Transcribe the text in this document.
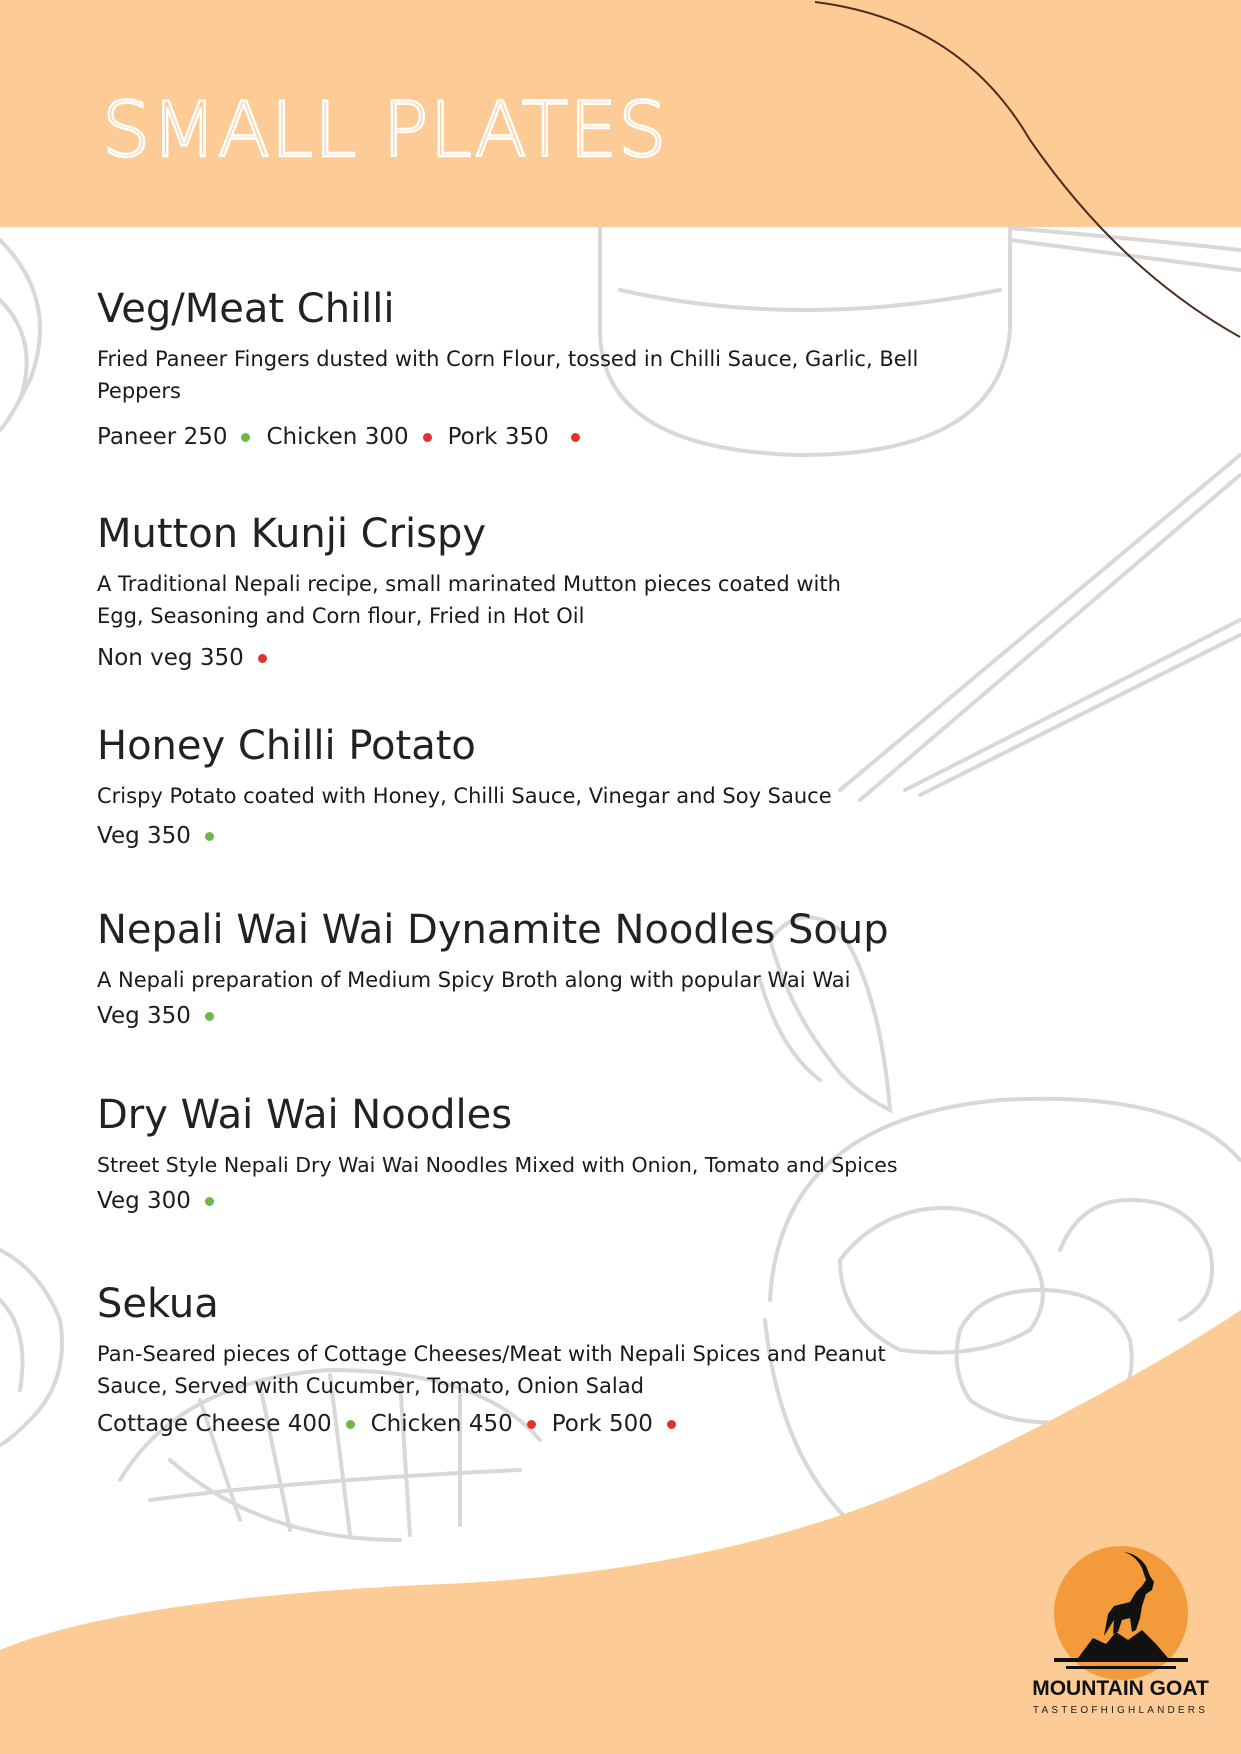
SMALL PLATES
Veg/Meat Chilli

Fried Paneer Fingers dusted with Corn Flour, tossed in Chilli Sauce, Garlic, Bell Peppers

Paneer 250 Chicken 300 Pork 350
Mutton Kunji Crispy

A Traditional Nepali recipe, small marinated Mutton pieces coated with Egg, Seasoning and Corn flour, Fried in Hot Oil

Non veg 350
Honey Chilli Potato

Crispy Potato coated with Honey, Chilli Sauce, Vinegar and Soy Sauce

Veg 350
Nepali Wai Wai Dynamite Noodles Soup

A Nepali preparation of Medium Spicy Broth along with popular Wai Wai

Veg 350
Dry Wai Wai Noodles

Street Style Nepali Dry Wai Wai Noodles Mixed with Onion, Tomato and Spices

Veg 300
Sekua

Pan-Seared pieces of Cottage Cheeses/Meat with Nepali Spices and Peanut Sauce, Served with Cucumber, Tomato, Onion Salad

Cottage Cheese 400 Chicken 450 Pork 500
MOUNTAIN GOAT
TASTEOFHIGHLANDERS
